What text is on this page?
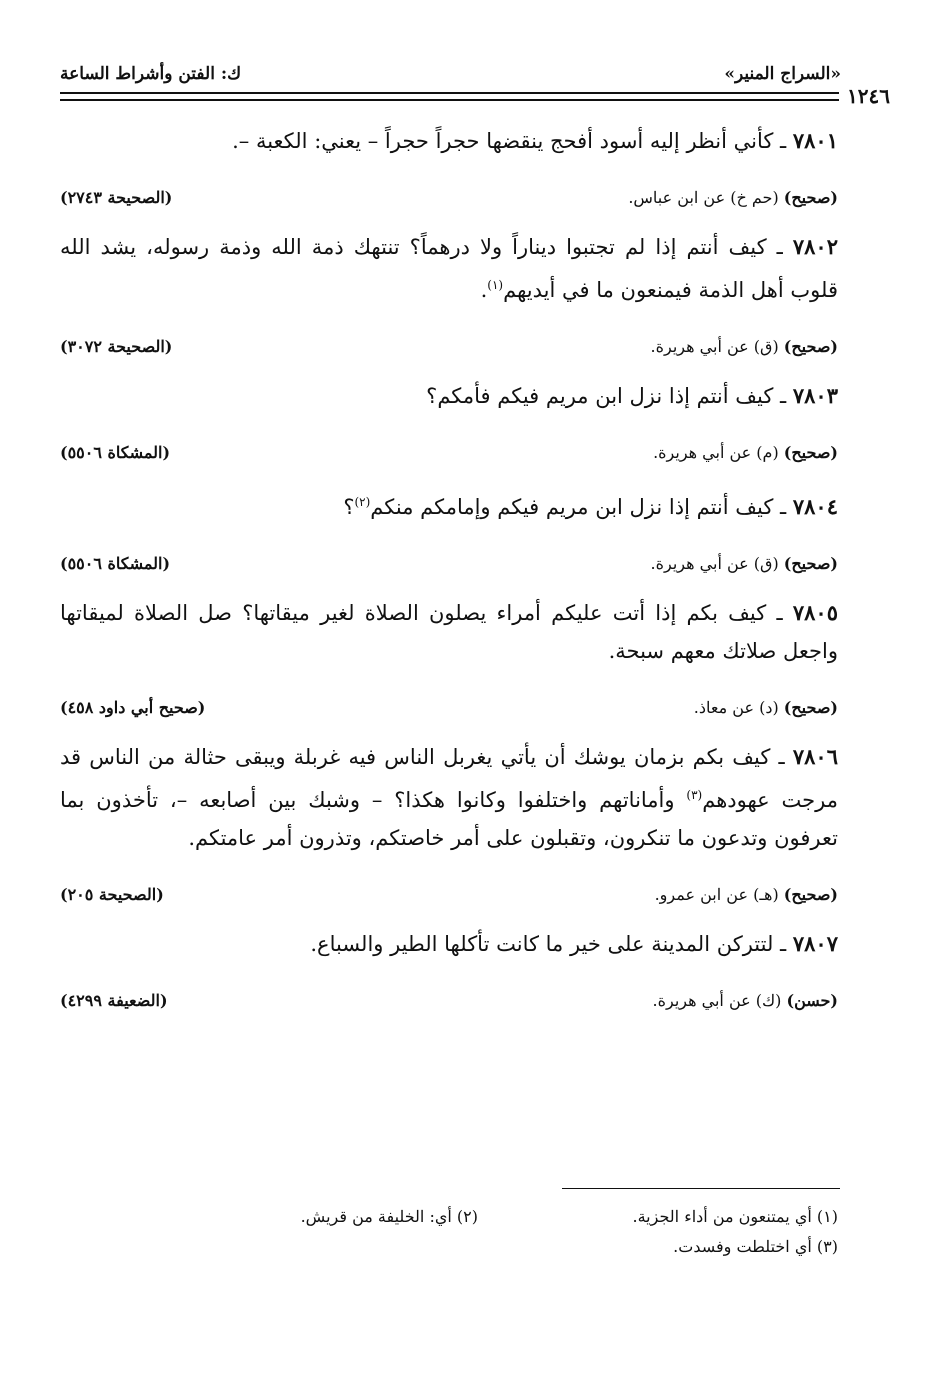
«السراج المنير»
ك: الفتن وأشراط الساعة
١٢٤٦

٧٨٠١ ـ كأني أنظر إليه أسود أفحج ينقضها حجراً حجراً – يعني: الكعبة –.

(صحيح) (حم خ) عن ابن عباس.
(الصحيحة ٢٧٤٣)

٧٨٠٢ ـ كيف أنتم إذا لم تجتبوا ديناراً ولا درهماً؟ تنتهك ذمة الله وذمة رسوله، يشد الله قلوب أهل الذمة فيمنعون ما في أيديهم$^{(١)}$.

(صحيح) (ق) عن أبي هريرة.
(الصحيحة ٣٠٧٢)

٧٨٠٣ ـ كيف أنتم إذا نزل ابن مريم فيكم فأمكم؟

(صحيح) (م) عن أبي هريرة.
(المشكاة ٥٥٠٦)

٧٨٠٤ ـ كيف أنتم إذا نزل ابن مريم فيكم وإمامكم منكم$^{(٢)}$؟

(صحيح) (ق) عن أبي هريرة.
(المشكاة ٥٥٠٦)

٧٨٠٥ ـ كيف بكم إذا أتت عليكم أمراء يصلون الصلاة لغير ميقاتها؟ صل الصلاة لميقاتها واجعل صلاتك معهم سبحة.

(صحيح) (د) عن معاذ.
(صحيح أبي داود ٤٥٨)

٧٨٠٦ ـ كيف بكم بزمان يوشك أن يأتي يغربل الناس فيه غربلة ويبقى حثالة من الناس قد مرجت عهودهم$^{(٣)}$ وأماناتهم واختلفوا وكانوا هكذا؟ – وشبك بين أصابعه –، تأخذون بما تعرفون وتدعون ما تنكرون، وتقبلون على أمر خاصتكم، وتذرون أمر عامتكم.

(صحيح) (هـ) عن ابن عمرو.
(الصحيحة ٢٠٥)

٧٨٠٧ ـ لتتركن المدينة على خير ما كانت تأكلها الطير والسباع.

(حسن) (ك) عن أبي هريرة.
(الضعيفة ٤٢٩٩)
(١) أي يمتنعون من أداء الجزية.
(٢) أي: الخليفة من قريش.
(٣) أي اختلطت وفسدت.
